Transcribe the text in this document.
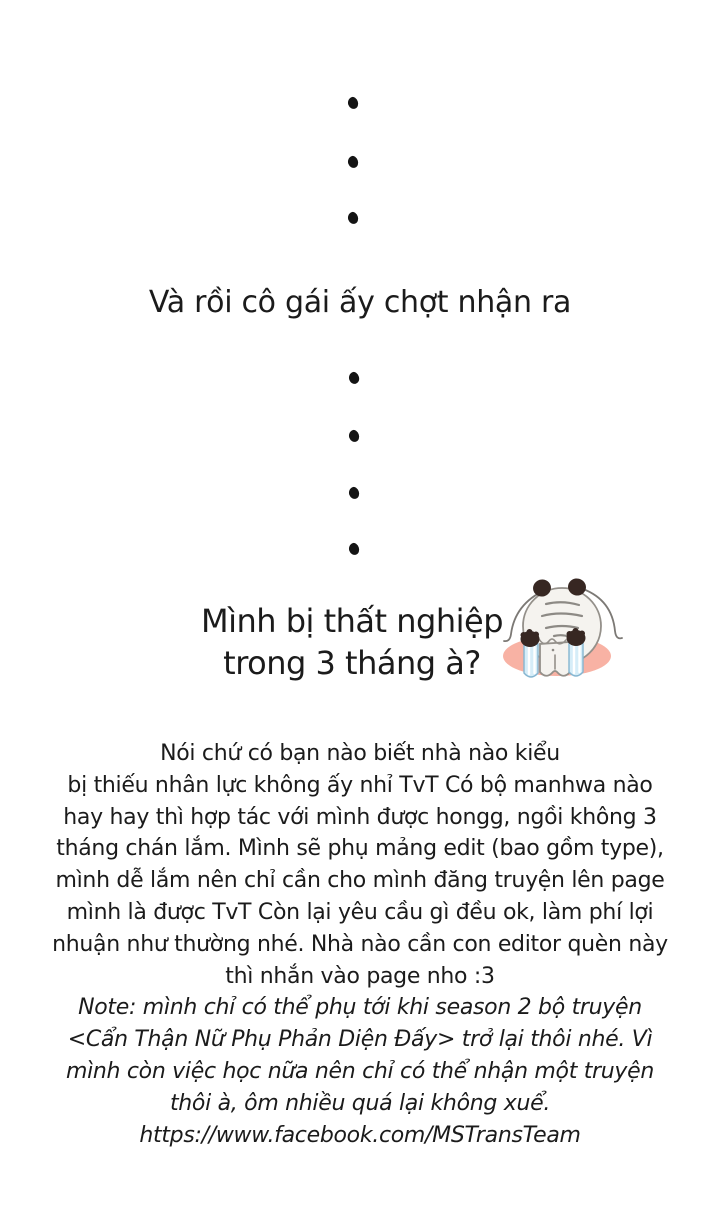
Và rồi cô gái ấy chợt nhận ra
Mình bị thất nghiệp
trong 3 tháng à?
Nói chứ có bạn nào biết nhà nào kiểu
bị thiếu nhân lực không ấy nhỉ TvT Có bộ manhwa nào
hay hay thì hợp tác với mình được hongg, ngồi không 3
tháng chán lắm. Mình sẽ phụ mảng edit (bao gồm type),
mình dễ lắm nên chỉ cần cho mình đăng truyện lên page
mình là được TvT Còn lại yêu cầu gì đều ok, làm phí lợi
nhuận như thường nhé. Nhà nào cần con editor quèn này
thì nhắn vào page nho :3
Note: mình chỉ có thể phụ tới khi season 2 bộ truyện
<Cẩn Thận Nữ Phụ Phản Diện Đấy> trở lại thôi nhé. Vì
mình còn việc học nữa nên chỉ có thể nhận một truyện
thôi à, ôm nhiều quá lại không xuể.
https://www.facebook.com/MSTransTeam
